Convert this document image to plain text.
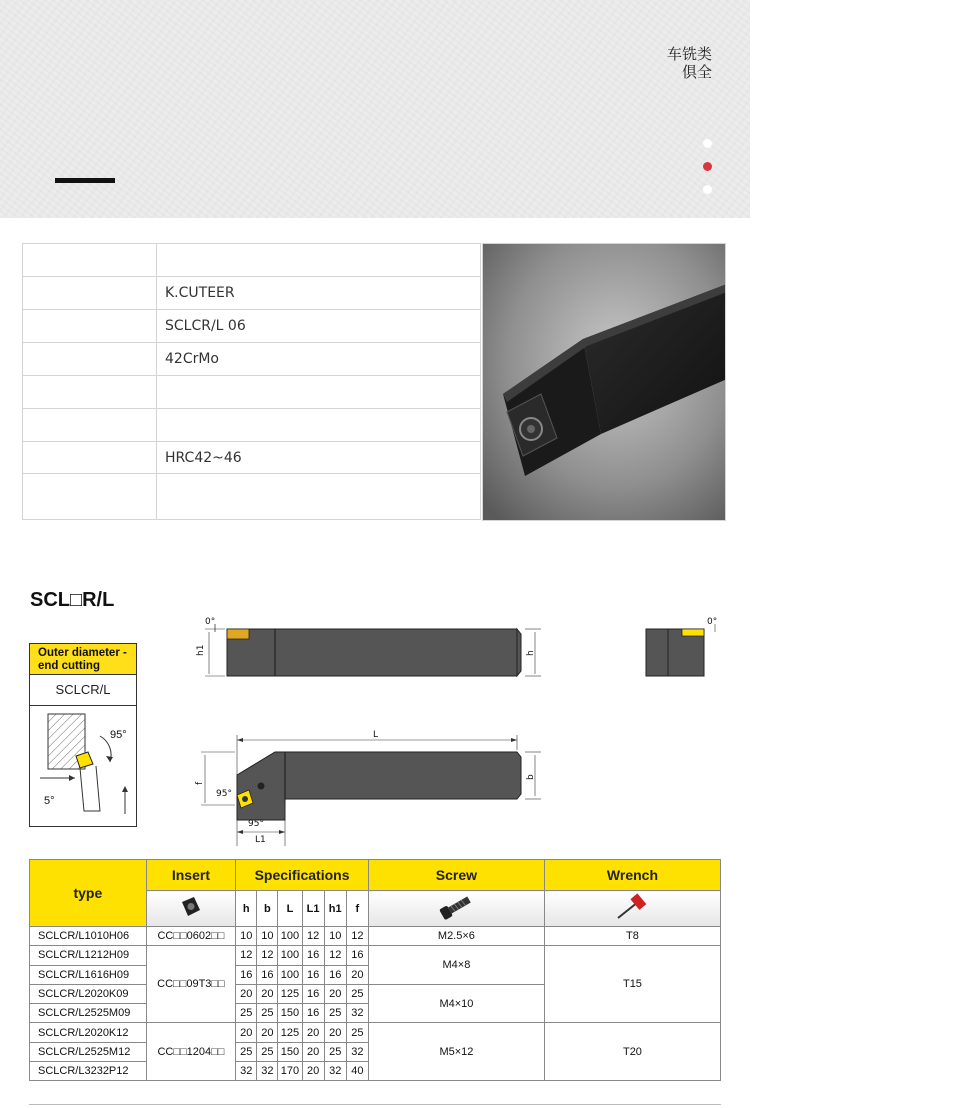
车铣类
俱全

	K.CUTEER
	SCLCR/L 06
	42CrMo

	HRC42~46

SCL□R/L
Outer diameter -end cutting
SCLCR/L
95°
5°
0°
h1	h
0°
L
b
f
95°
95°
L1
type	Insert	Specifications						Screw	Wrench
	h	b	L	L1	h1	f		
SCLCR/L1010H06	CC□□0602□□	10	10	100	12	10	12	M2.5×6	T8
SCLCR/L1212H09	CC□□09T3□□	12	12	100	16	12	16	M4×8	T15
SCLCR/L1616H09		16	16	100	16	16	20		
SCLCR/L2020K09		20	20	125	16	20	25	M4×10	
SCLCR/L2525M09		25	25	150	16	25	32		
SCLCR/L2020K12	CC□□1204□□	20	20	125	20	20	25	M5×12	T20
SCLCR/L2525M12		25	25	150	20	25	32		
SCLCR/L3232P12		32	32	170	20	32	40		
